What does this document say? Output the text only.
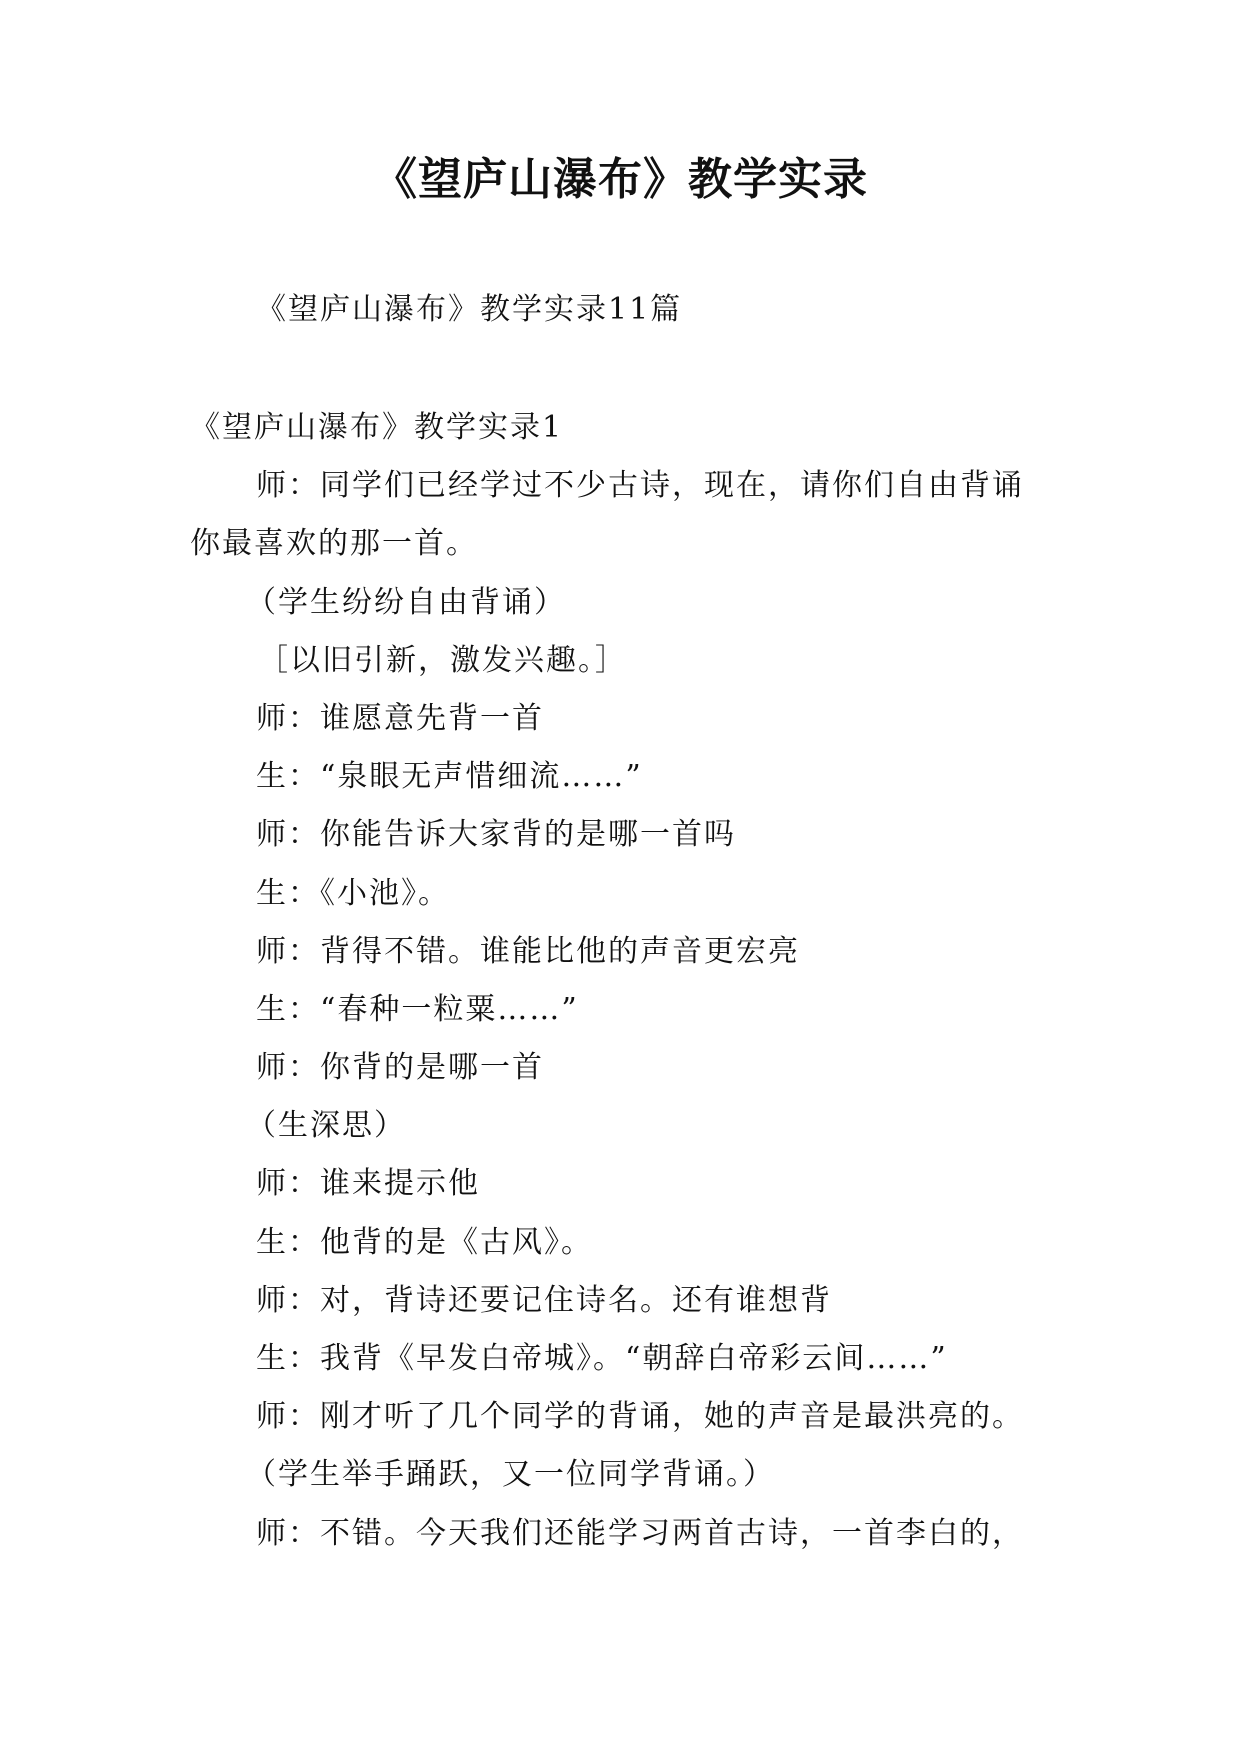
《望庐山瀑布》教学实录
《望庐山瀑布》教学实录11篇
《望庐山瀑布》教学实录1
师：同学们已经学过不少古诗，现在，请你们自由背诵
你最喜欢的那一首。
（学生纷纷自由背诵）
［以旧引新，激发兴趣。］
师：谁愿意先背一首
生：“泉眼无声惜细流……”
师：你能告诉大家背的是哪一首吗
生：《小池》。
师：背得不错。谁能比他的声音更宏亮
生：“春种一粒粟……”
师：你背的是哪一首
（生深思）
师：谁来提示他
生：他背的是《古风》。
师：对，背诗还要记住诗名。还有谁想背
生：我背《早发白帝城》。“朝辞白帝彩云间……”
师：刚才听了几个同学的背诵，她的声音是最洪亮的。
（学生举手踊跃，又一位同学背诵。）
师：不错。今天我们还能学习两首古诗，一首李白的，
